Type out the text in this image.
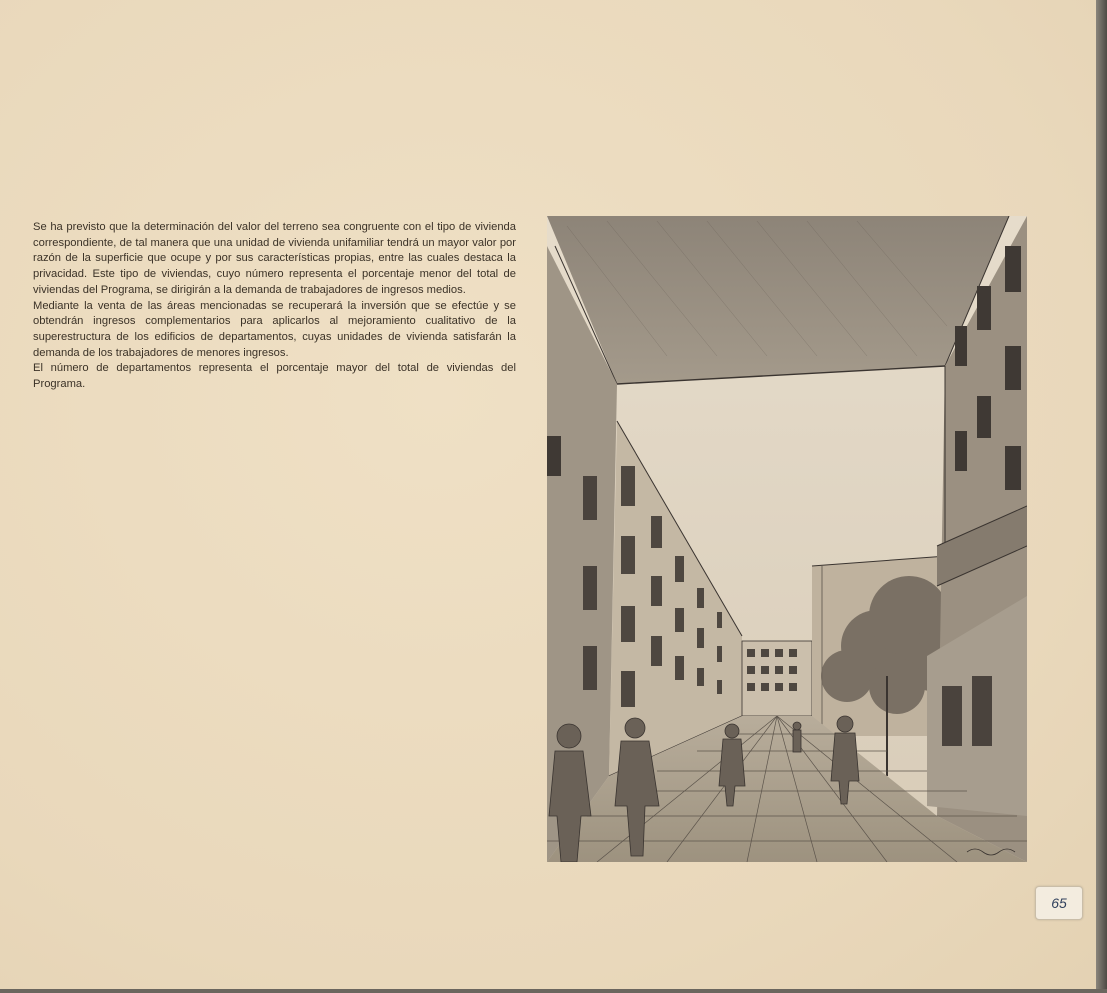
Se ha previsto que la determinación del valor del terreno sea congruente con el tipo de vivienda correspondiente, de tal manera que una unidad de vivienda unifamiliar tendrá un mayor valor por razón de la superficie que ocupe y por sus características propias, entre las cuales destaca la privacidad. Este tipo de viviendas, cuyo número representa el porcentaje menor del total de viviendas del Programa, se dirigirán a la demanda de trabajadores de ingresos medios.

Mediante la venta de las áreas mencionadas se recuperará la inversión que se efectúe y se obtendrán ingresos complementarios para aplicarlos al mejoramiento cualitativo de la superestructura de los edificios de departamentos, cuyas unidades de vivienda satisfarán la demanda de los trabajadores de menores ingresos.

El número de departamentos representa el porcentaje mayor del total de viviendas del Programa.

65
